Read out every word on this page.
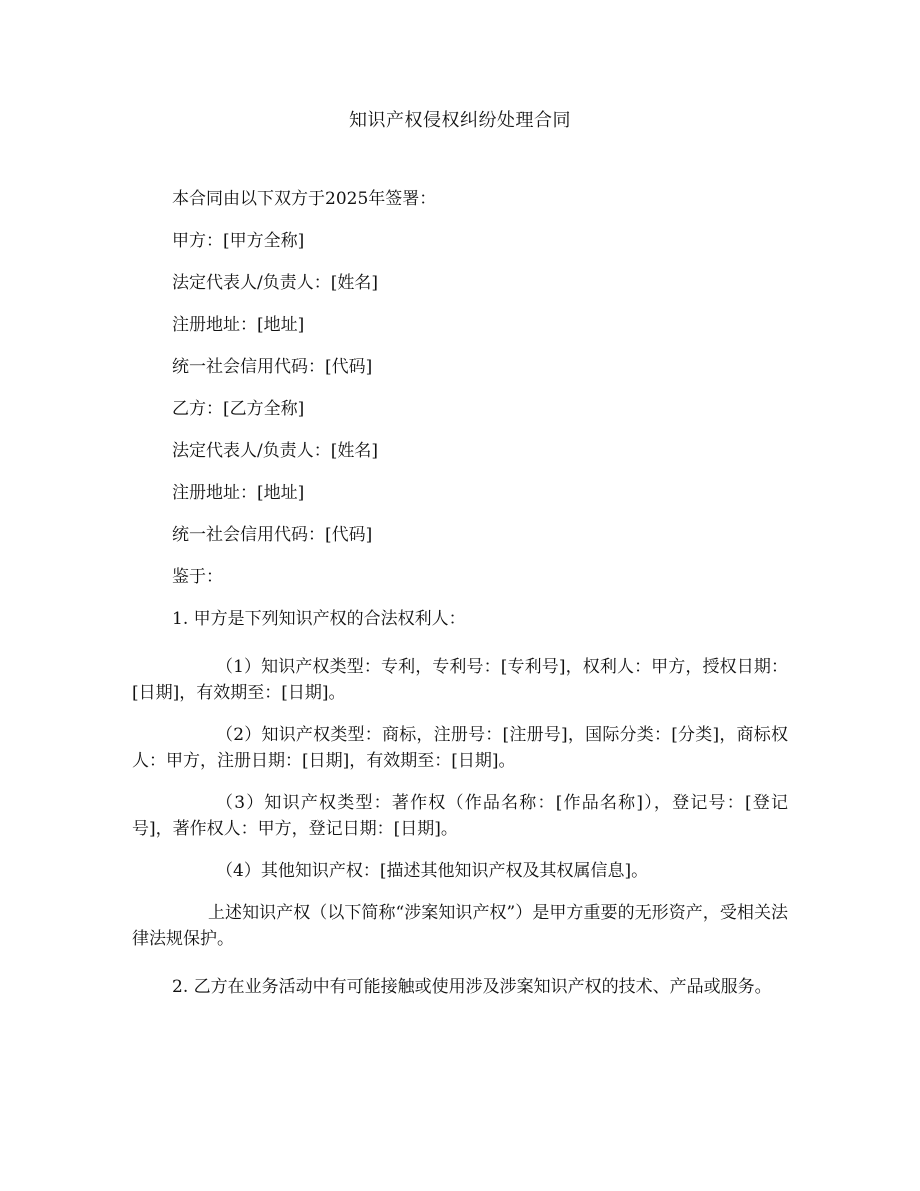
知识产权侵权纠纷处理合同

本合同由以下双方于2025年签署：

甲方：[甲方全称]

法定代表人/负责人：[姓名]

注册地址：[地址]

统一社会信用代码：[代码]

乙方：[乙方全称]

法定代表人/负责人：[姓名]

注册地址：[地址]

统一社会信用代码：[代码]

鉴于：

1. 甲方是下列知识产权的合法权利人：

（1）知识产权类型：专利，专利号：[专利号]，权利人：甲方，授权日期：[日期]，有效期至：[日期]。

（2）知识产权类型：商标，注册号：[注册号]，国际分类：[分类]，商标权人：甲方，注册日期：[日期]，有效期至：[日期]。

（3）知识产权类型：著作权（作品名称：[作品名称]），登记号：[登记号]，著作权人：甲方，登记日期：[日期]。

（4）其他知识产权：[描述其他知识产权及其权属信息]。

上述知识产权（以下简称“涉案知识产权”）是甲方重要的无形资产，受相关法律法规保护。

2. 乙方在业务活动中有可能接触或使用涉及涉案知识产权的技术、产品或服务。
